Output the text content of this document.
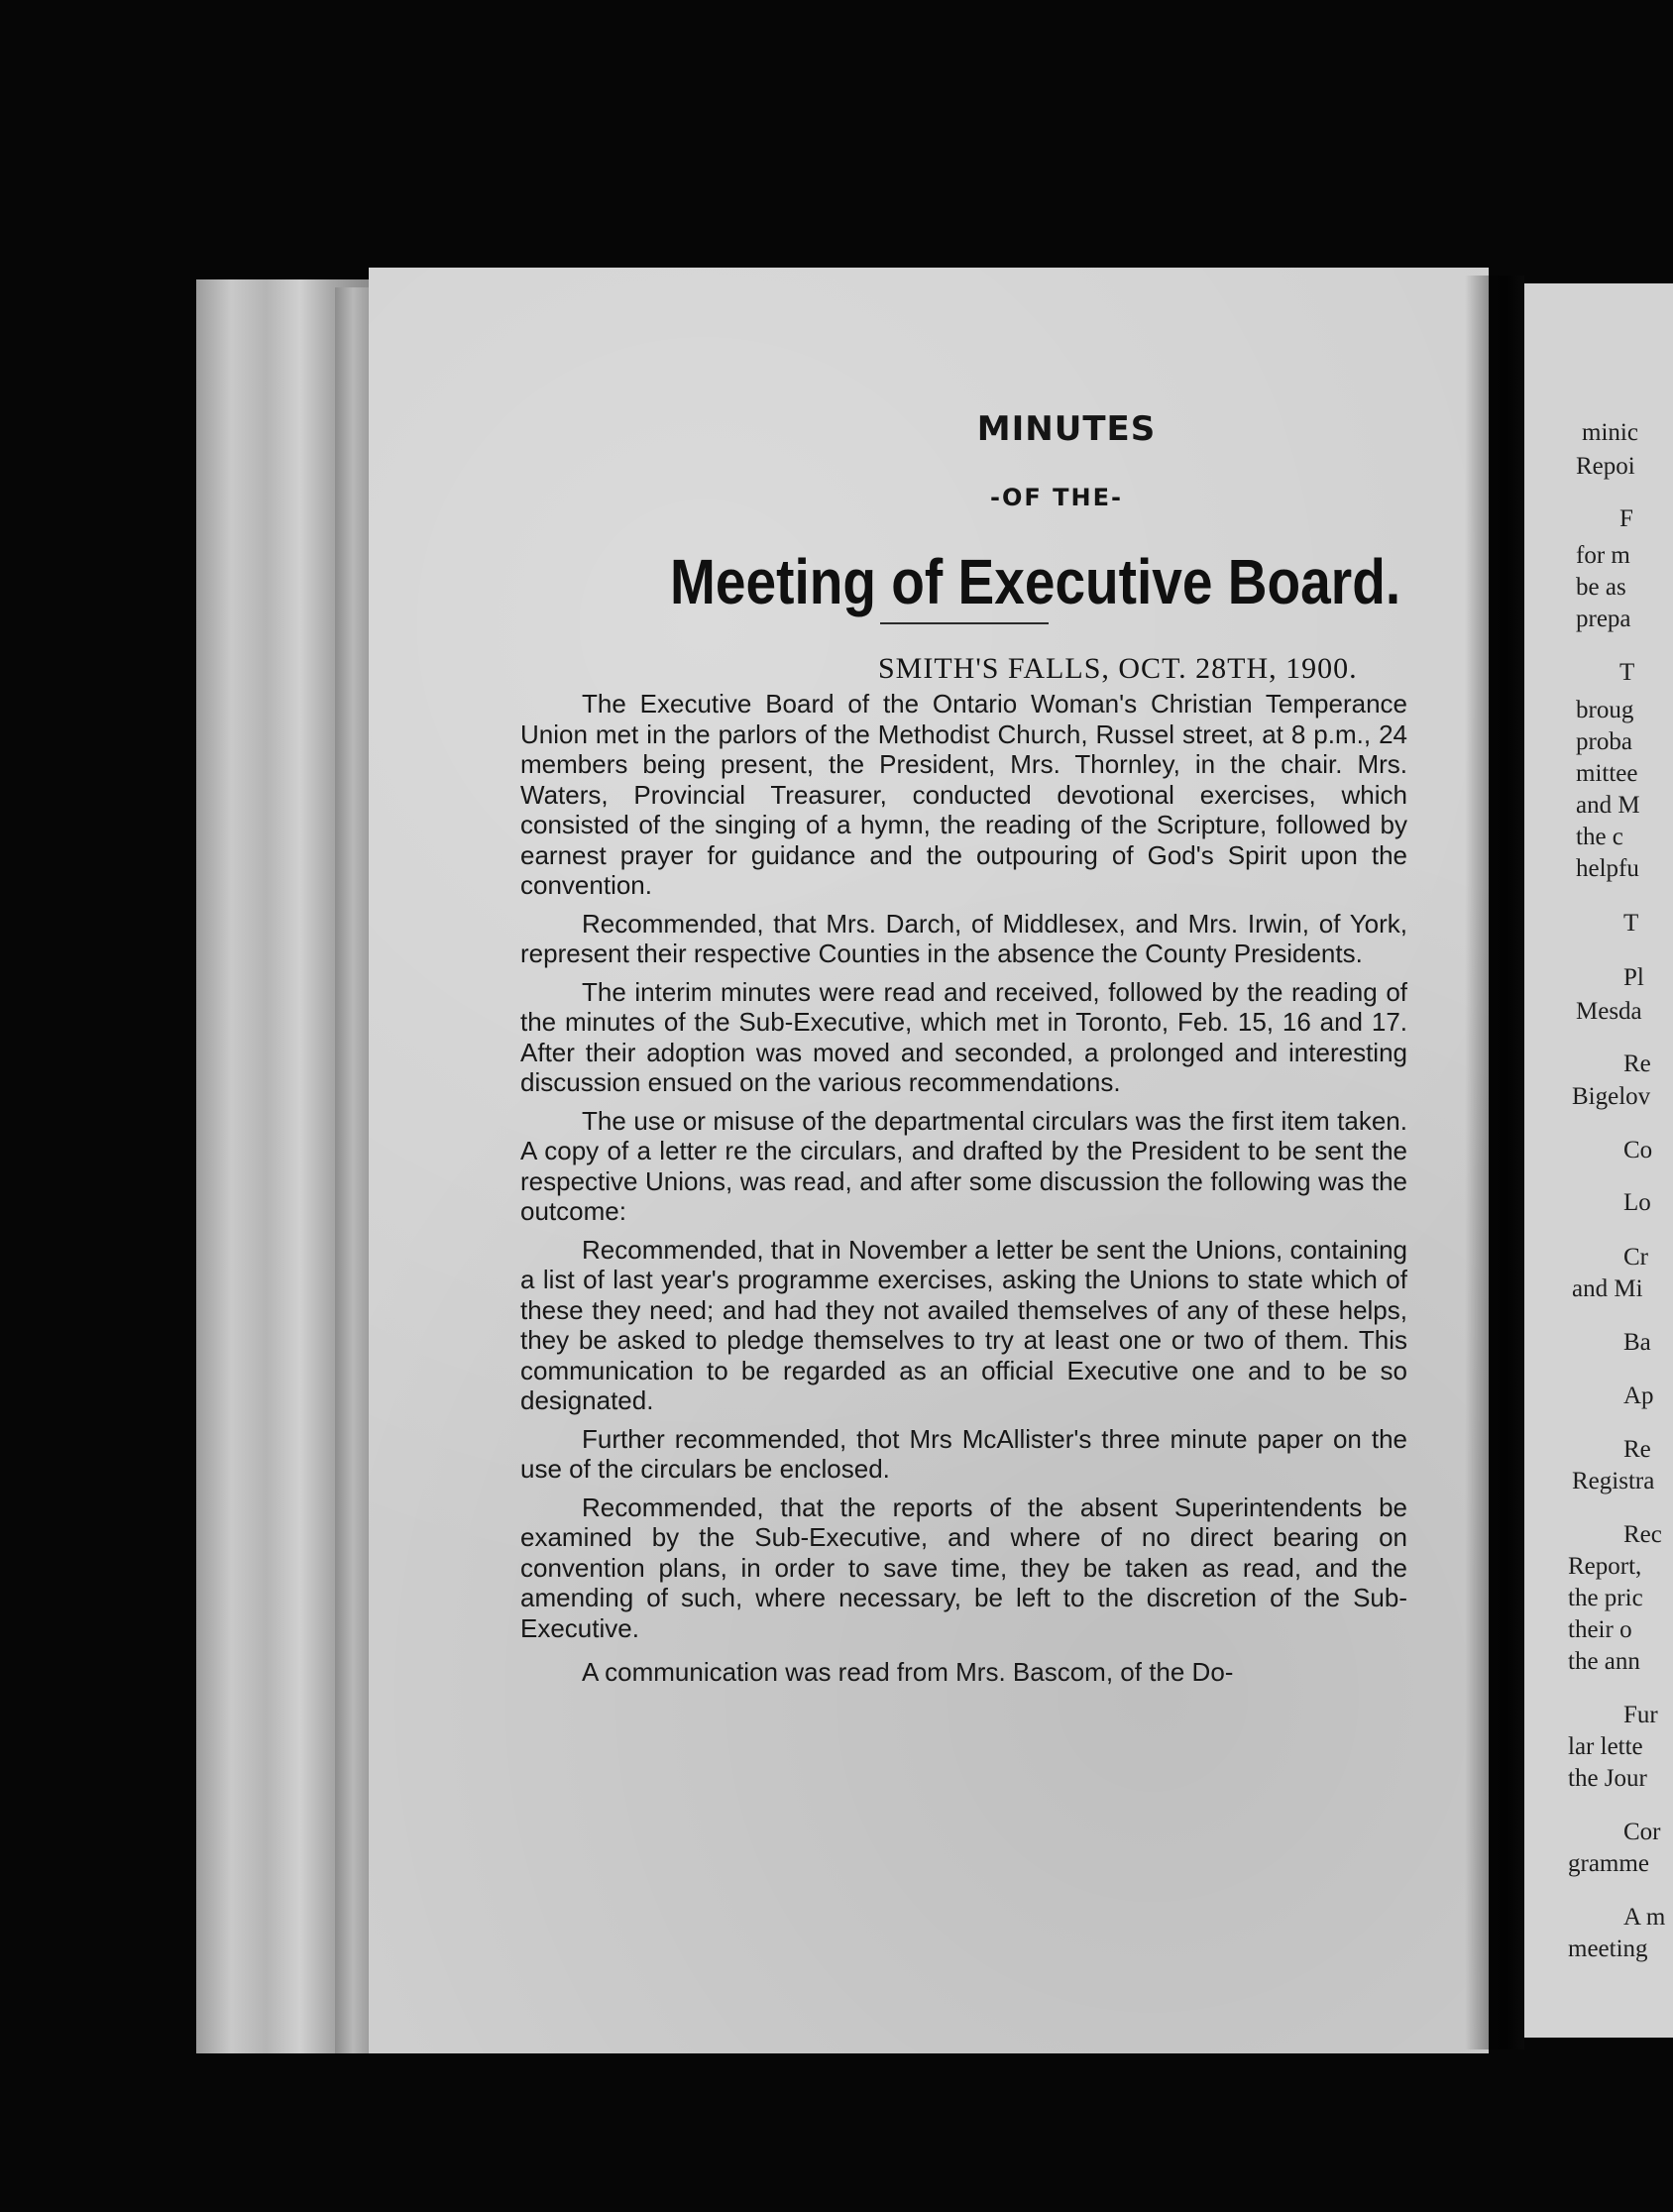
minic
Repoi
F
for m
be as
prepa
T
broug
proba
mittee
and M
the c
helpfu
T
Pl
Mesda
Re
Bigelov
Co
Lo
Cr
and Mi
Ba
Ap
Re
Registra
Rec
Report,
the pric
their o
the ann
Fur
lar lette
the Jour
Cor
gramme
A m
meeting
MINUTES
-OF THE-
Meeting of Executive Board.
SMITH'S FALLS, OCT. 28TH, 1900.

The Executive Board of the Ontario Woman's Christian Temperance Union met in the parlors of the Methodist Church, Russel street, at 8 p.m., 24 members being present, the President, Mrs. Thornley, in the chair. Mrs. Waters, Provincial Treasurer, conducted devotional exercises, which consisted of the singing of a hymn, the reading of the Scripture, followed by earnest prayer for guidance and the outpouring of God's Spirit upon the convention.

Recommended, that Mrs. Darch, of Middlesex, and Mrs. Irwin, of York, represent their respective Counties in the absence the County Presidents.

The interim minutes were read and received, followed by the reading of the minutes of the Sub-Executive, which met in Toronto, Feb. 15, 16 and 17. After their adoption was moved and seconded, a prolonged and interesting discussion ensued on the various recommendations.

The use or misuse of the departmental circulars was the first item taken. A copy of a letter re the circulars, and drafted by the President to be sent the respective Unions, was read, and after some discussion the following was the outcome:

Recommended, that in November a letter be sent the Unions, containing a list of last year's programme exercises, asking the Unions to state which of these they need; and had they not availed themselves of any of these helps, they be asked to pledge themselves to try at least one or two of them. This communication to be regarded as an official Executive one and to be so designated.

Further recommended, thot Mrs McAllister's three minute paper on the use of the circulars be enclosed.

Recommended, that the reports of the absent Superintendents be examined by the Sub-Executive, and where of no direct bearing on convention plans, in order to save time, they be taken as read, and the amending of such, where necessary, be left to the discretion of the Sub-Executive.

A communication was read from Mrs. Bascom, of the Do-
